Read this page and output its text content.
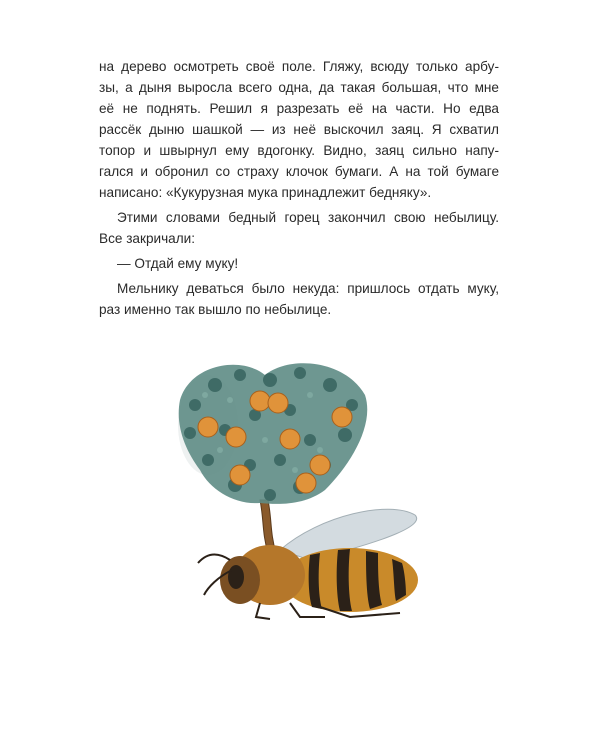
на дерево осмотреть своё поле. Гляжу, всюду только арбу-
зы, а дыня выросла всего одна, да такая большая, что мне
её не поднять. Решил я разрезать её на части. Но едва
рассёк дыню шашкой — из неё выскочил заяц. Я схватил
топор и швырнул ему вдогонку. Видно, заяц сильно напу-
гался и обронил со страху клочок бумаги. А на той бумаге
написано: «Кукурузная мука принадлежит бедняку».
Этими словами бедный горец закончил свою небылицу.
Все закричали:
— Отдай ему муку!
Мельнику деваться было некуда: пришлось отдать муку,
раз именно так вышло по небылице.
